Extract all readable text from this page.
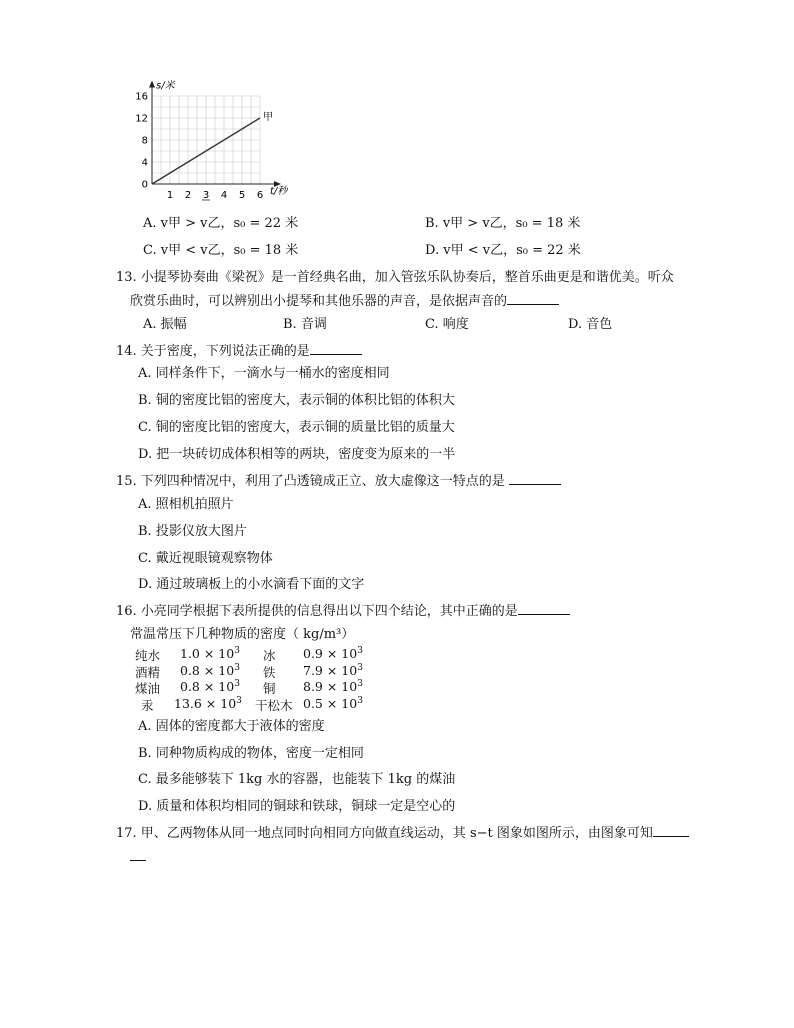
s/米
t/秒
1 2 3 4 5 6
0
4
8
12
16
甲
A. v甲 > v乙，s₀ = 22 米	B. v甲 > v乙，s₀ = 18 米
C. v甲 < v乙，s₀ = 18 米	D. v甲 < v乙，s₀ = 22 米
13. 小提琴协奏曲《梁祝》是一首经典名曲，加入管弦乐队协奏后，整首乐曲更是和谐优美。听众
欣赏乐曲时，可以辨别出小提琴和其他乐器的声音，是依据声音的
A. 振幅	B. 音调	C. 响度	D. 音色
14. 关于密度，下列说法正确的是
A. 同样条件下，一滴水与一桶水的密度相同
B. 铜的密度比铝的密度大，表示铜的体积比铝的体积大
C. 铜的密度比铝的密度大，表示铜的质量比铝的质量大
D. 把一块砖切成体积相等的两块，密度变为原来的一半
15. 下列四种情况中，利用了凸透镜成正立、放大虚像这一特点的是
A. 照相机拍照片
B. 投影仪放大图片
C. 戴近视眼镜观察物体
D. 通过玻璃板上的小水滴看下面的文字
16. 小亮同学根据下表所提供的信息得出以下四个结论，其中正确的是
常温常压下几种物质的密度（ kg/m³）
纯水 $1.0 \times 10^3$ 冰 $0.9 \times 10^3$
酒精 $0.8 \times 10^3$ 铁 $7.9 \times 10^3$
煤油 $0.8 \times 10^3$ 铜 $8.9 \times 10^3$
汞 $13.6 \times 10^3$ 干松木 $0.5 \times 10^3$
A. 固体的密度都大于液体的密度
B. 同种物质构成的物体，密度一定相同
C. 最多能够装下 1kg 水的容器，也能装下 1kg 的煤油
D. 质量和体积均相同的铜球和铁球，铜球一定是空心的
17. 甲、乙两物体从同一地点同时向相同方向做直线运动，其 s−t 图象如图所示，由图象可知
